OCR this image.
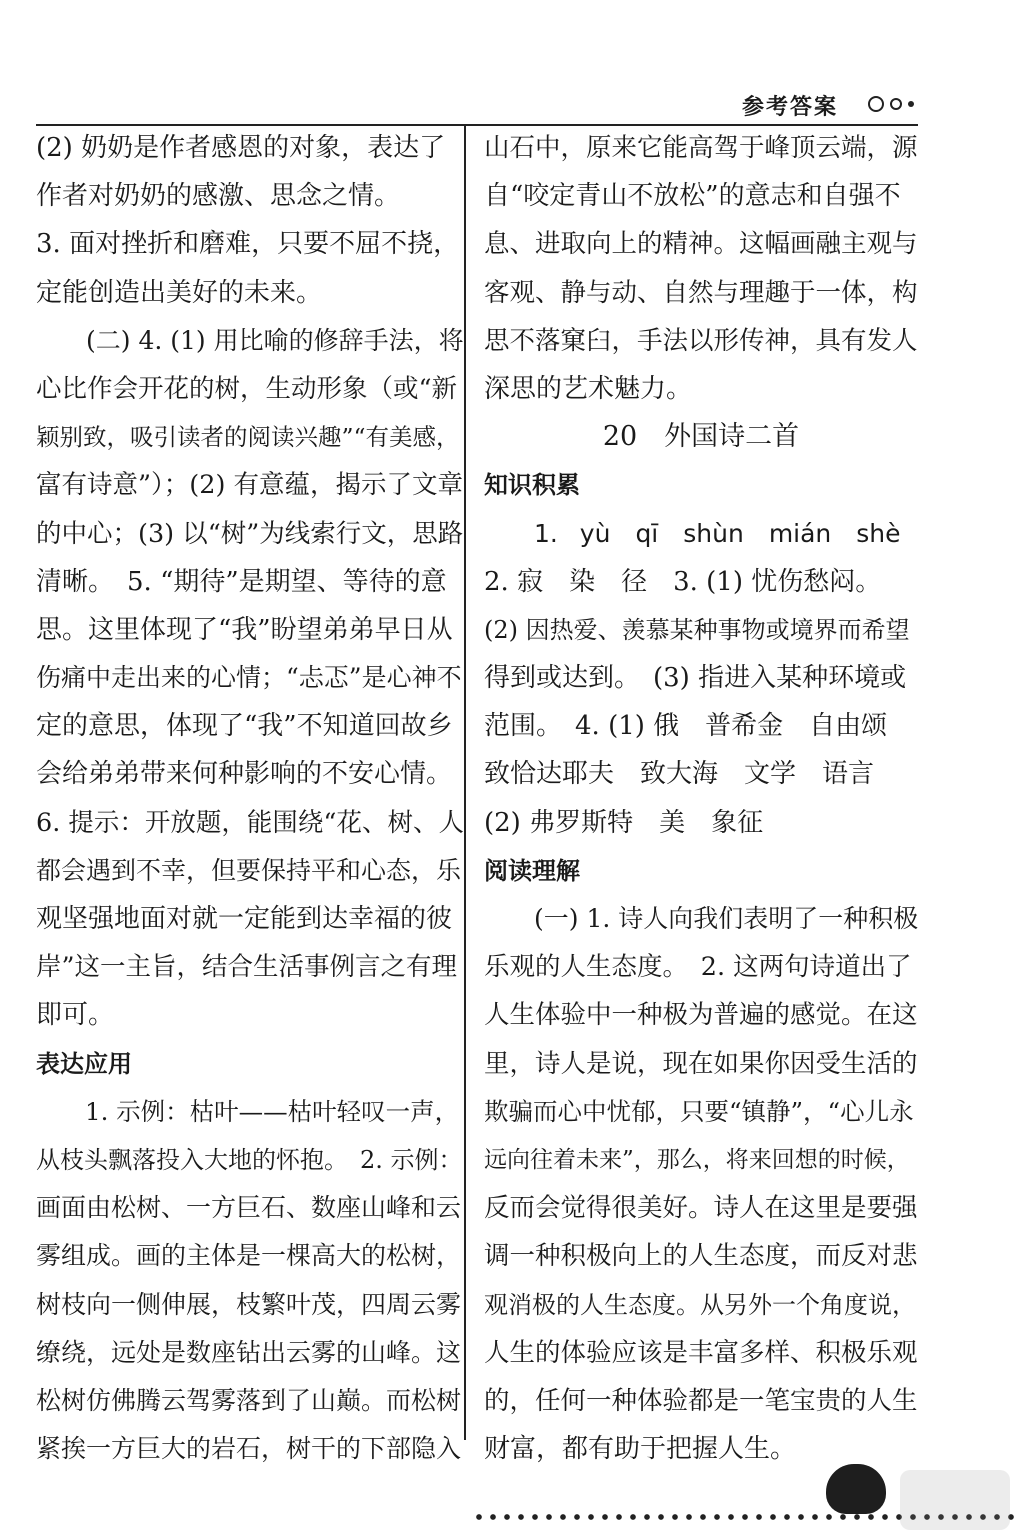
参考答案
(2) 奶奶是作者感恩的对象，表达了
作者对奶奶的感激、思念之情。
3. 面对挫折和磨难，只要不屈不挠，
定能创造出美好的未来。
　　(二) 4. (1) 用比喻的修辞手法，将
心比作会开花的树，生动形象（或“新
颖别致，吸引读者的阅读兴趣”“有美感，
富有诗意”）；(2) 有意蕴，揭示了文章
的中心；(3) 以“树”为线索行文，思路
清晰。　5. “期待”是期望、等待的意
思。这里体现了“我”盼望弟弟早日从
伤痛中走出来的心情；“忐忑”是心神不
定的意思，体现了“我”不知道回故乡
会给弟弟带来何种影响的不安心情。
6. 提示：开放题，能围绕“花、树、人
都会遇到不幸，但要保持平和心态，乐
观坚强地面对就一定能到达幸福的彼
岸”这一主旨，结合生活事例言之有理
即可。
表达应用
　　1. 示例：枯叶——枯叶轻叹一声，
从枝头飘落投入大地的怀抱。　2. 示例：
画面由松树、一方巨石、数座山峰和云
雾组成。画的主体是一棵高大的松树，
树枝向一侧伸展，枝繁叶茂，四周云雾
缭绕，远处是数座钻出云雾的山峰。这
松树仿佛腾云驾雾落到了山巅。而松树
紧挨一方巨大的岩石，树干的下部隐入
山石中，原来它能高驾于峰顶云端，源
自“咬定青山不放松”的意志和自强不
息、进取向上的精神。这幅画融主观与
客观、静与动、自然与理趣于一体，构
思不落窠臼，手法以形传神，具有发人
深思的艺术魅力。
20　外国诗二首
知识积累
　　1. yù　qī　shùn　mián　shè
2. 寂　染　径　3. (1) 忧伤愁闷。
(2) 因热爱、羡慕某种事物或境界而希望
得到或达到。　(3) 指进入某种环境或
范围。　4. (1) 俄　普希金　自由颂
致恰达耶夫　致大海　文学　语言
(2) 弗罗斯特　美　象征
阅读理解
　　(一) 1. 诗人向我们表明了一种积极
乐观的人生态度。　2. 这两句诗道出了
人生体验中一种极为普遍的感觉。在这
里，诗人是说，现在如果你因受生活的
欺骗而心中忧郁，只要“镇静”，“心儿永
远向往着未来”，那么，将来回想的时候，
反而会觉得很美好。诗人在这里是要强
调一种积极向上的人生态度，而反对悲
观消极的人生态度。从另外一个角度说，
人生的体验应该是丰富多样、积极乐观
的，任何一种体验都是一笔宝贵的人生
财富，都有助于把握人生。
